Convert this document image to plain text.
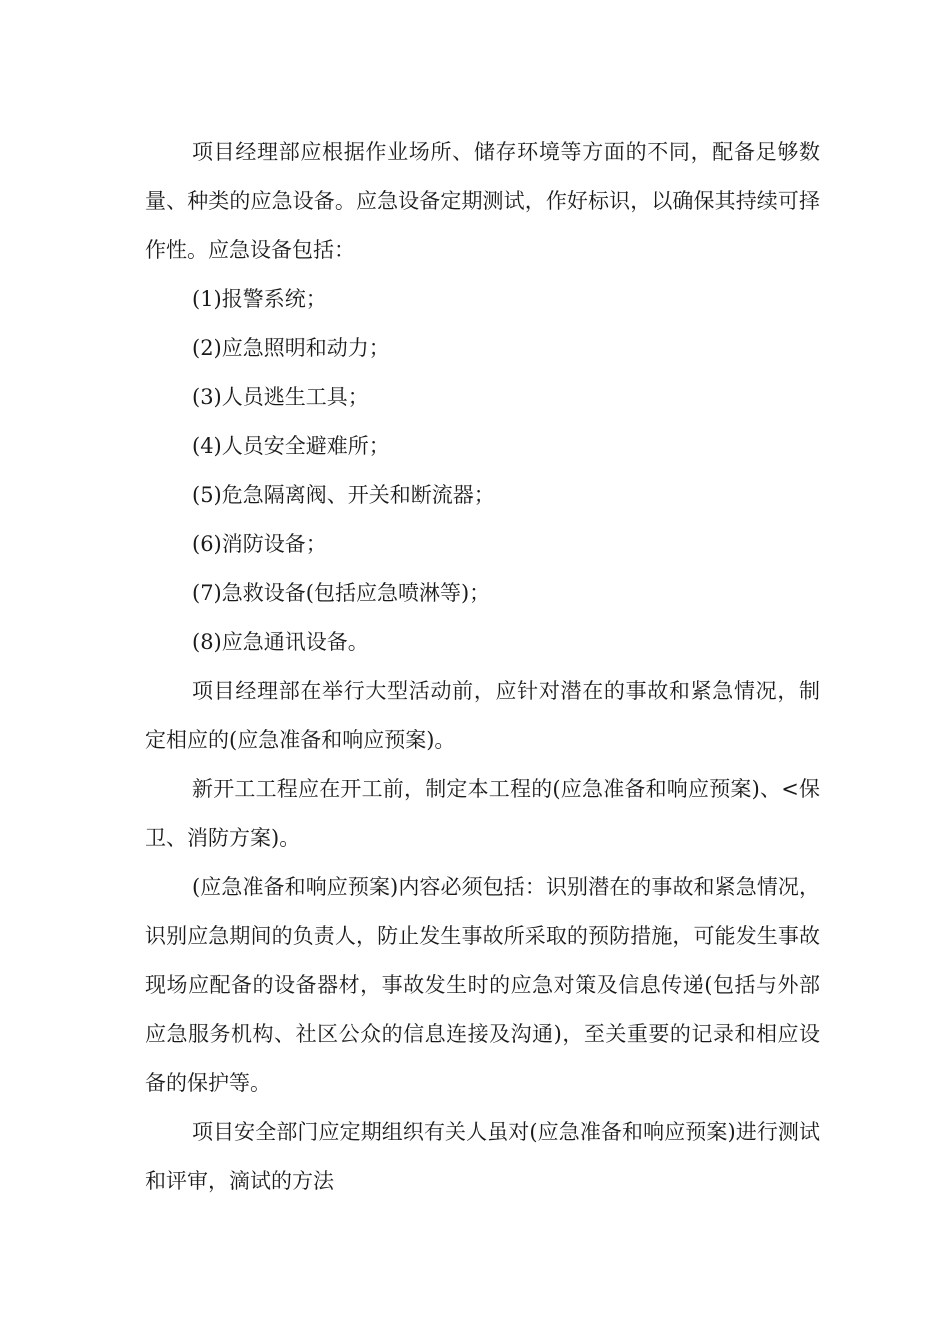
项目经理部应根据作业场所、储存环境等方面的不同，配备足够数量、种类的应急设备。应急设备定期测试，作好标识，以确保其持续可择作性。应急设备包括：

(1)报警系统；

(2)应急照明和动力；

(3)人员逃生工具；

(4)人员安全避难所；

(5)危急隔离阀、开关和断流器；

(6)消防设备；

(7)急救设备(包括应急喷淋等)；

(8)应急通讯设备。

项目经理部在举行大型活动前，应针对潜在的事故和紧急情况，制定相应的(应急准备和响应预案)。

新开工工程应在开工前，制定本工程的(应急准备和响应预案)、<保卫、消防方案)。

(应急准备和响应预案)内容必须包括：识别潜在的事故和紧急情况，识别应急期间的负责人，防止发生事故所采取的预防措施，可能发生事故现场应配备的设备器材，事故发生时的应急对策及信息传递(包括与外部应急服务机构、社区公众的信息连接及沟通)，至关重要的记录和相应设备的保护等。

项目安全部门应定期组织有关人虽对(应急准备和响应预案)进行测试和评审，滴试的方法
